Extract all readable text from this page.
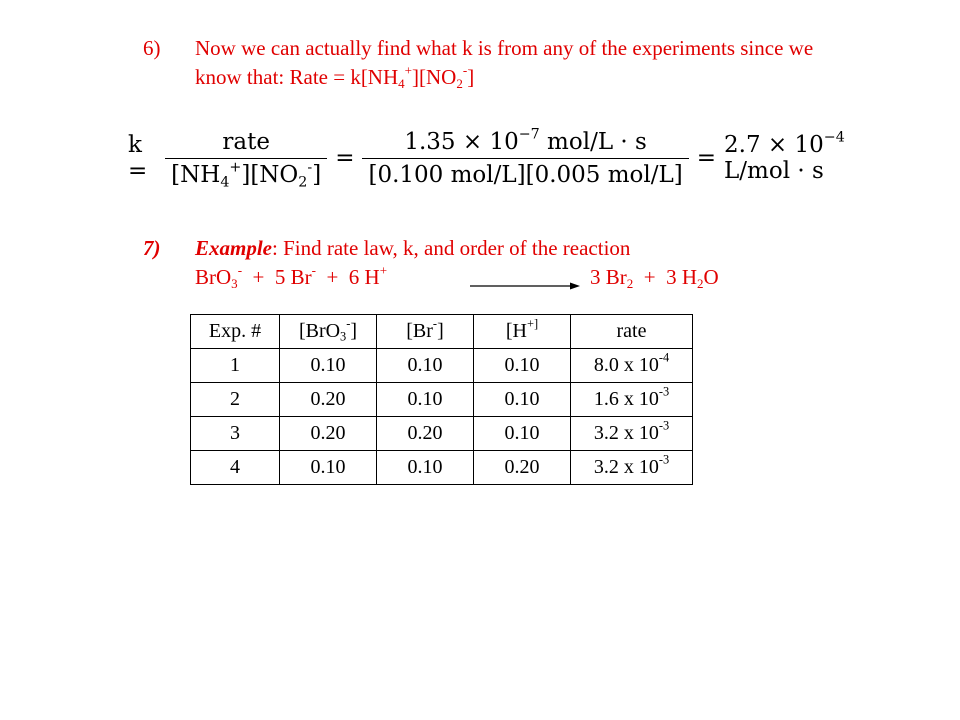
6) Now we can actually find what k is from any of the experiments since we
know that: Rate = $k[NH_4^+][NO_2^-]$
$k = \frac{\text{rate}}{[NH_4^+][NO_2^-]} = \frac{1.35 \times 10^{-7} mol/L \cdot s}{\text{[0.100 mol/L][0.005 mol/L]}} = 2.7 \times 10^{-4}$ L/mol · s
7) Example: Find rate law, k, and order of the reaction
BrO$_3$-  +  5 Br-  +  6 H+	3 $Br_2 + 3$ $H_2O$
Exp. #	[BrO$_3$-]	[Br-]	[H+]	rate
1	0.10	0.10	0.10	8.0 x $10^{-4}$
2	0.20	0.10	0.10	1.6 x $10^{-3}$
3	0.20	0.20	0.10	3.2 x $10^{-3}$
4	0.10	0.10	0.20	3.2 x $10^{-3}$
